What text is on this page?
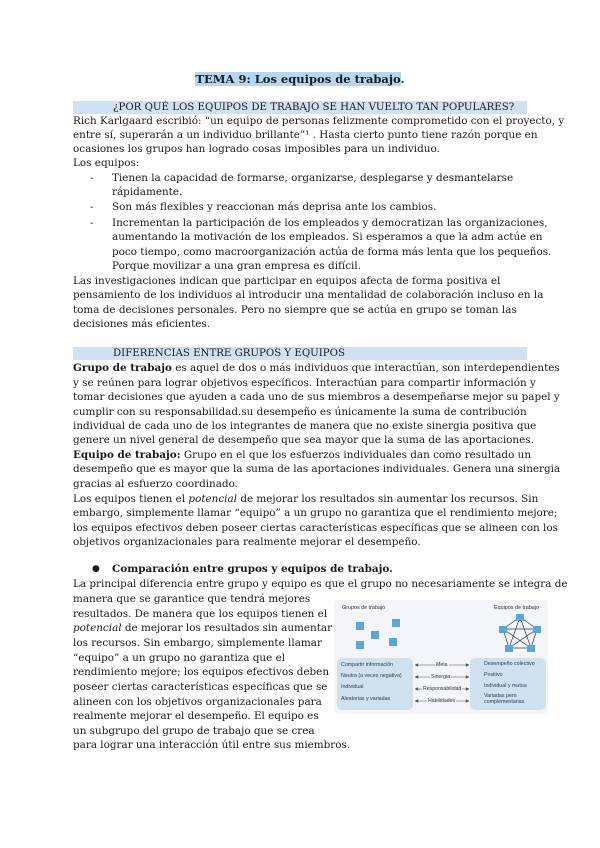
TEMA 9: Los equipos de trabajo.
¿POR QUÉ LOS EQUIPOS DE TRABAJO SE HAN VUELTO TAN POPULARES?
Rich Karlgaard escribió: “un equipo de personas felizmente comprometido con el proyecto, y
entre sí, superarán a un individuo brillante”¹ . Hasta cierto punto tiene razón porque en
ocasiones los grupos han logrado cosas imposibles para un individuo.
Los equipos:
- Tienen la capacidad de formarse, organizarse, desplegarse y desmantelarse
rápidamente.
- Son más flexibles y reaccionan más deprisa ante los cambios.
- Incrementan la participación de los empleados y democratizan las organizaciones,
aumentando la motivación de los empleados. Si esperamos a que la adm actúe en
poco tiempo, como macroorganización actúa de forma más lenta que los pequeños.
Porque movilizar a una gran empresa es difícil.
Las investigaciones indican que participar en equipos afecta de forma positiva el
pensamiento de los individuos al introducir una mentalidad de colaboración incluso en la
toma de decisiones personales. Pero no siempre que se actúa en grupo se toman las
decisiones más eficientes.
DIFERENCIAS ENTRE GRUPOS Y EQUIPOS
Grupo de trabajo es aquel de dos o más individuos que interactúan, son interdependientes
y se reúnen para lograr objetivos específicos. Interactúan para compartir información y
tomar decisiones que ayuden a cada uno de sus miembros a desempeñarse mejor su papel y
cumplir con su responsabilidad.su desempeño es únicamente la suma de contribución
individual de cada uno de los integrantes de manera que no existe sinergia positiva que
genere un nivel general de desempeño que sea mayor que la suma de las aportaciones.
Equipo de trabajo: Grupo en el que los esfuerzos individuales dan como resultado un
desempeño que es mayor que la suma de las aportaciones individuales. Genera una sinergia
gracias al esfuerzo coordinado.
Los equipos tienen el potencial de mejorar los resultados sin aumentar los recursos. Sin
embargo, simplemente llamar “equipo” a un grupo no garantiza que el rendimiento mejore;
los equipos efectivos deben poseer ciertas características específicas que se alineen con los
objetivos organizacionales para realmente mejorar el desempeño.
● Comparación entre grupos y equipos de trabajo.
La principal diferencia entre grupo y equipo es que el grupo no necesariamente se integra de
manera que se garantice que tendrá mejores
resultados. De manera que los equipos tienen el
potencial de mejorar los resultados sin aumentar
los recursos. Sin embargo, simplemente llamar
“equipo” a un grupo no garantiza que el
rendimiento mejore; los equipos efectivos deben
poseer ciertas características específicas que se
alineen con los objetivos organizacionales para
realmente mejorar el desempeño. El equipo es
un subgrupo del grupo de trabajo que se crea
para lograr una interacción útil entre sus miembros.
Grupos de trabajo	Equipos de trabajo
Compartir información
Neutra (a veces negativa)
Individual
Aleatorias y variadas
Desempeño colectivo
Positivo
Individual y mutua
Variadas pero complementarias
Meta
Sinergia
Responsabilidad
Habilidades
